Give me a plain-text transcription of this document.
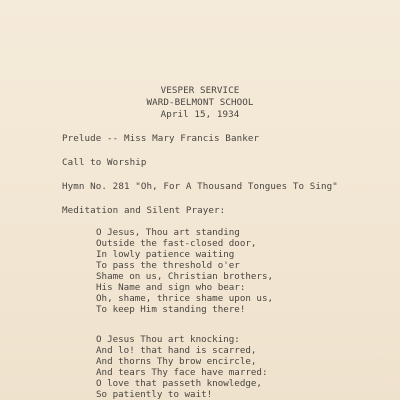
VESPER SERVICE
WARD-BELMONT SCHOOL
April 15, 1934
Prelude -- Miss Mary Francis Banker
Call to Worship
Hymn No. 281 "Oh, For A Thousand Tongues To Sing"
Meditation and Silent Prayer:
O Jesus, Thou art standing
Outside the fast-closed door,
In lowly patience waiting
To pass the threshold o'er
Shame on us, Christian brothers,
His Name and sign who bear:
Oh, shame, thrice shame upon us,
To keep Him standing there!
O Jesus Thou art knocking:
And lo! that hand is scarred,
And thorns Thy brow encircle,
And tears Thy face have marred:
O love that passeth knowledge,
So patiently to wait!
